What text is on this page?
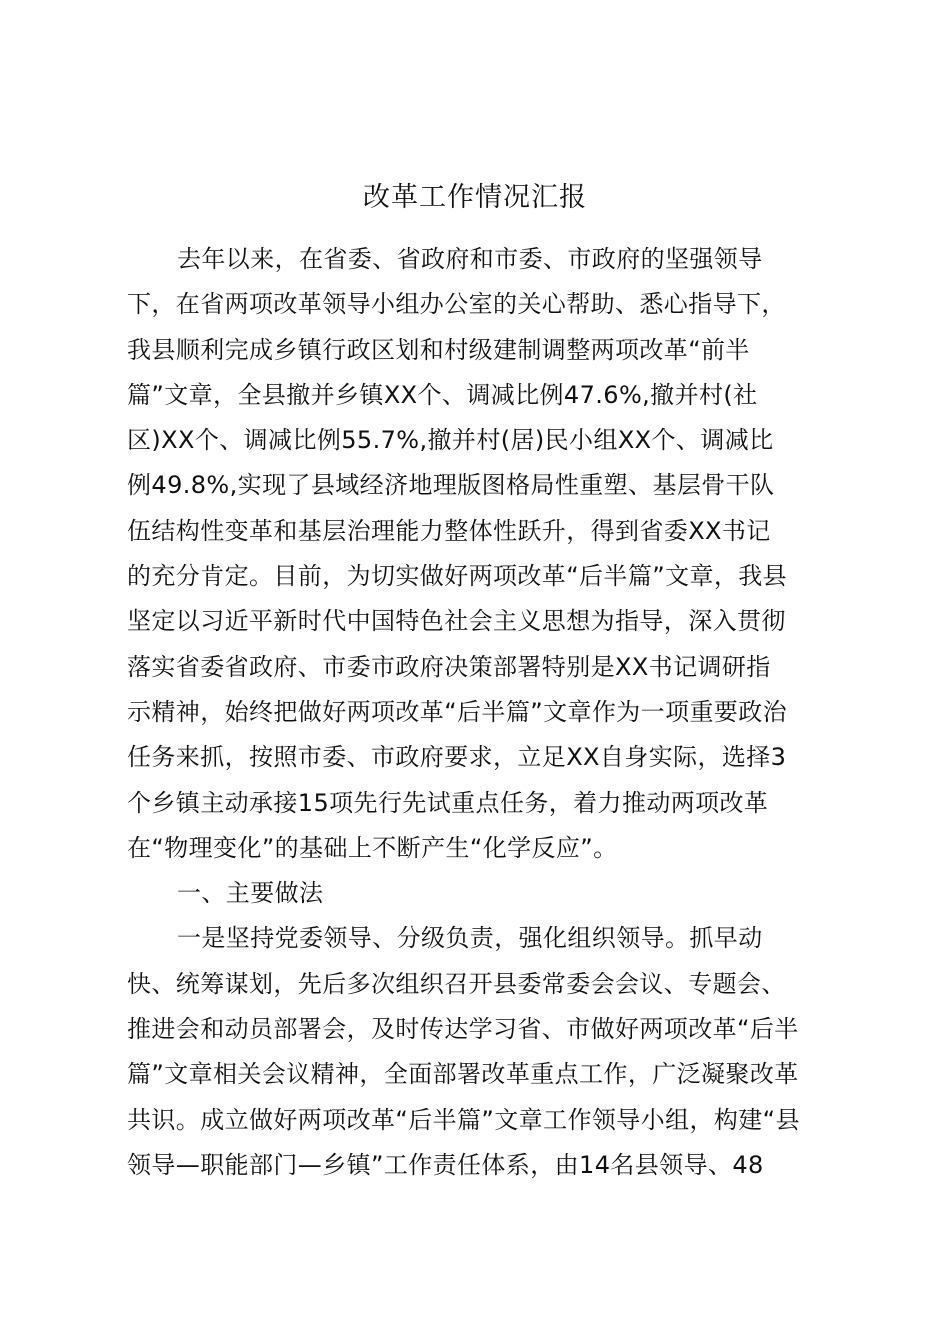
改革工作情况汇报
去年以来，在省委、省政府和市委、市政府的坚强领导
下，在省两项改革领导小组办公室的关心帮助、悉心指导下，
我县顺利完成乡镇行政区划和村级建制调整两项改革“前半
篇”文章，全县撤并乡镇XX个、调减比例47.6%,撤并村(社
区)XX个、调减比例55.7%,撤并村(居)民小组XX个、调减比
例49.8%,实现了县域经济地理版图格局性重塑、基层骨干队
伍结构性变革和基层治理能力整体性跃升，得到省委XX书记
的充分肯定。目前，为切实做好两项改革“后半篇”文章，我县
坚定以习近平新时代中国特色社会主义思想为指导，深入贯彻
落实省委省政府、市委市政府决策部署特别是XX书记调研指
示精神，始终把做好两项改革“后半篇”文章作为一项重要政治
任务来抓，按照市委、市政府要求，立足XX自身实际，选择3
个乡镇主动承接15项先行先试重点任务，着力推动两项改革
在“物理变化”的基础上不断产生“化学反应”。
一、主要做法
一是坚持党委领导、分级负责，强化组织领导。抓早动
快、统筹谋划，先后多次组织召开县委常委会会议、专题会、
推进会和动员部署会，及时传达学习省、市做好两项改革“后半
篇”文章相关会议精神，全面部署改革重点工作，广泛凝聚改革
共识。成立做好两项改革“后半篇”文章工作领导小组，构建“县
领导—职能部门—乡镇”工作责任体系，由14名县领导、48
